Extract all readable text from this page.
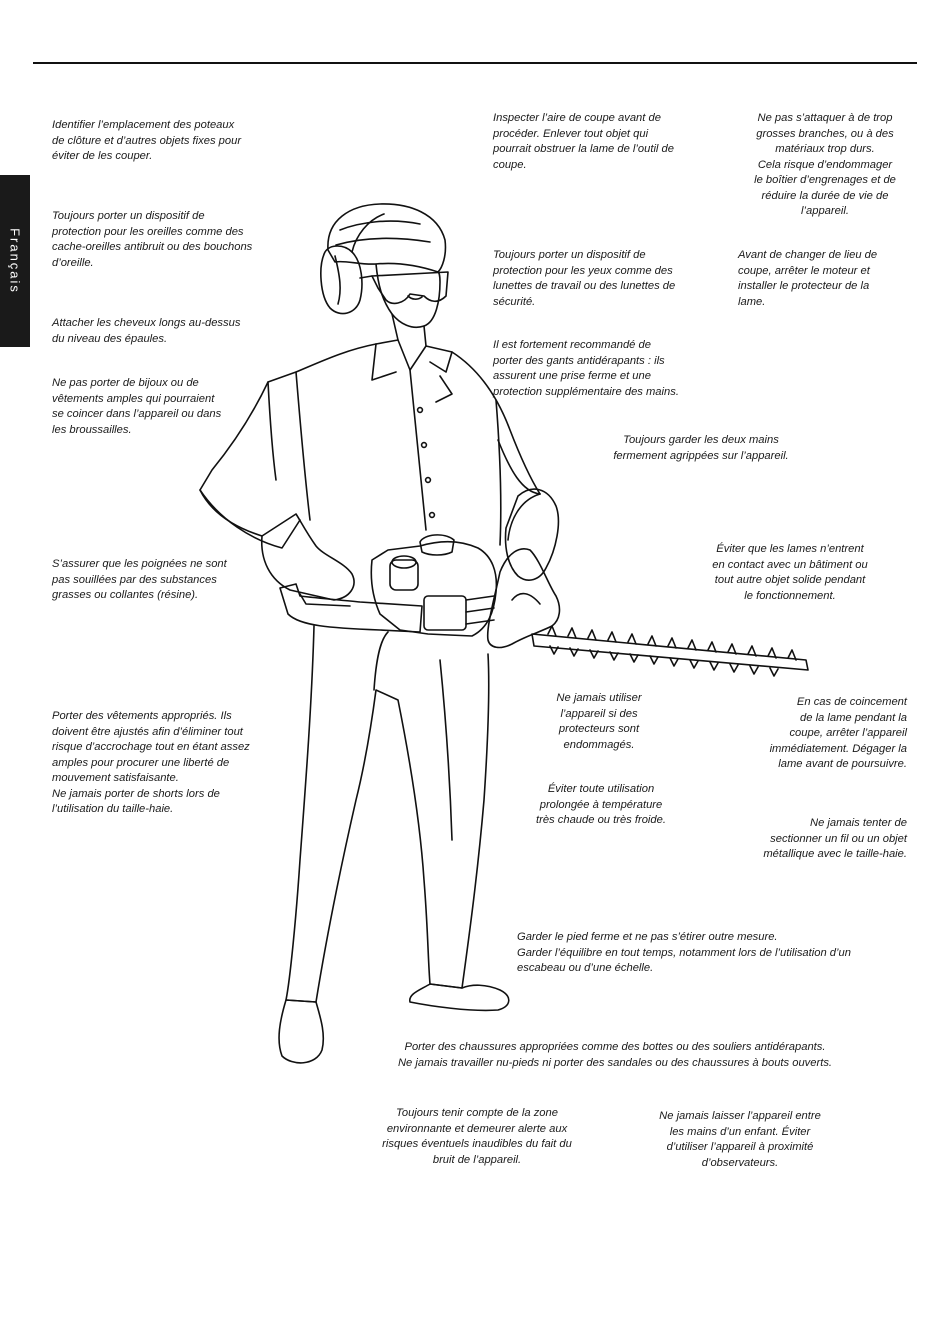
Français

Identifier l’emplacement des poteaux
de clôture et d’autres objets fixes pour
éviter de les couper.

Toujours porter un dispositif de
protection pour les oreilles comme des
cache-oreilles antibruit ou des bouchons
d’oreille.

Attacher les cheveux longs au-dessus
du niveau des épaules.

Ne pas porter de bijoux ou de
vêtements amples qui pourraient
se coincer dans l’appareil ou dans
les broussailles.

S’assurer que les poignées ne sont
pas souillées par des substances
grasses ou collantes (résine).

Porter des vêtements appropriés. Ils
doivent être ajustés afin d’éliminer tout
risque d’accrochage tout en étant assez
amples pour procurer une liberté de
mouvement satisfaisante.
Ne jamais porter de shorts lors de
l’utilisation du taille-haie.

Inspecter l’aire de coupe avant de
procéder. Enlever tout objet qui
pourrait obstruer la lame de l’outil de
coupe.

Ne pas s’attaquer à de trop
grosses branches, ou à des
matériaux trop durs.
Cela risque d’endommager
le boîtier d’engrenages et de
réduire la durée de vie de
l’appareil.

Toujours porter un dispositif de
protection pour les yeux comme des
lunettes de travail ou des lunettes de
sécurité.

Avant de changer de lieu de
coupe, arrêter le moteur et
installer le protecteur de la
lame.

Il est fortement recommandé de
porter des gants antidérapants : ils
assurent une prise ferme et une
protection supplémentaire des mains.

Toujours garder les deux mains
fermement agrippées sur l’appareil.

Éviter que les lames n’entrent
en contact avec un bâtiment ou
tout autre objet solide pendant
le fonctionnement.

Ne jamais utiliser
l’appareil si des
protecteurs sont
endommagés.

En cas de coincement
de la lame pendant la
coupe, arrêter l’appareil
immédiatement. Dégager la
lame avant de poursuivre.

Éviter toute utilisation
prolongée à température
très chaude ou très froide.	Ne jamais tenter de
sectionner un fil ou un objet
métallique avec le taille-haie.

Garder le pied ferme et ne pas s’étirer outre mesure.
Garder l’équilibre en tout temps, notamment lors de l’utilisation d’un
escabeau ou d’une échelle.

Porter des chaussures appropriées comme des bottes ou des souliers antidérapants.
Ne jamais travailler nu-pieds ni porter des sandales ou des chaussures à bouts ouverts.

Toujours tenir compte de la zone
environnante et demeurer alerte aux
risques éventuels inaudibles du fait du
bruit de l’appareil.

Ne jamais laisser l’appareil entre
les mains d’un enfant. Éviter
d’utiliser l’appareil à proximité
d’observateurs.
